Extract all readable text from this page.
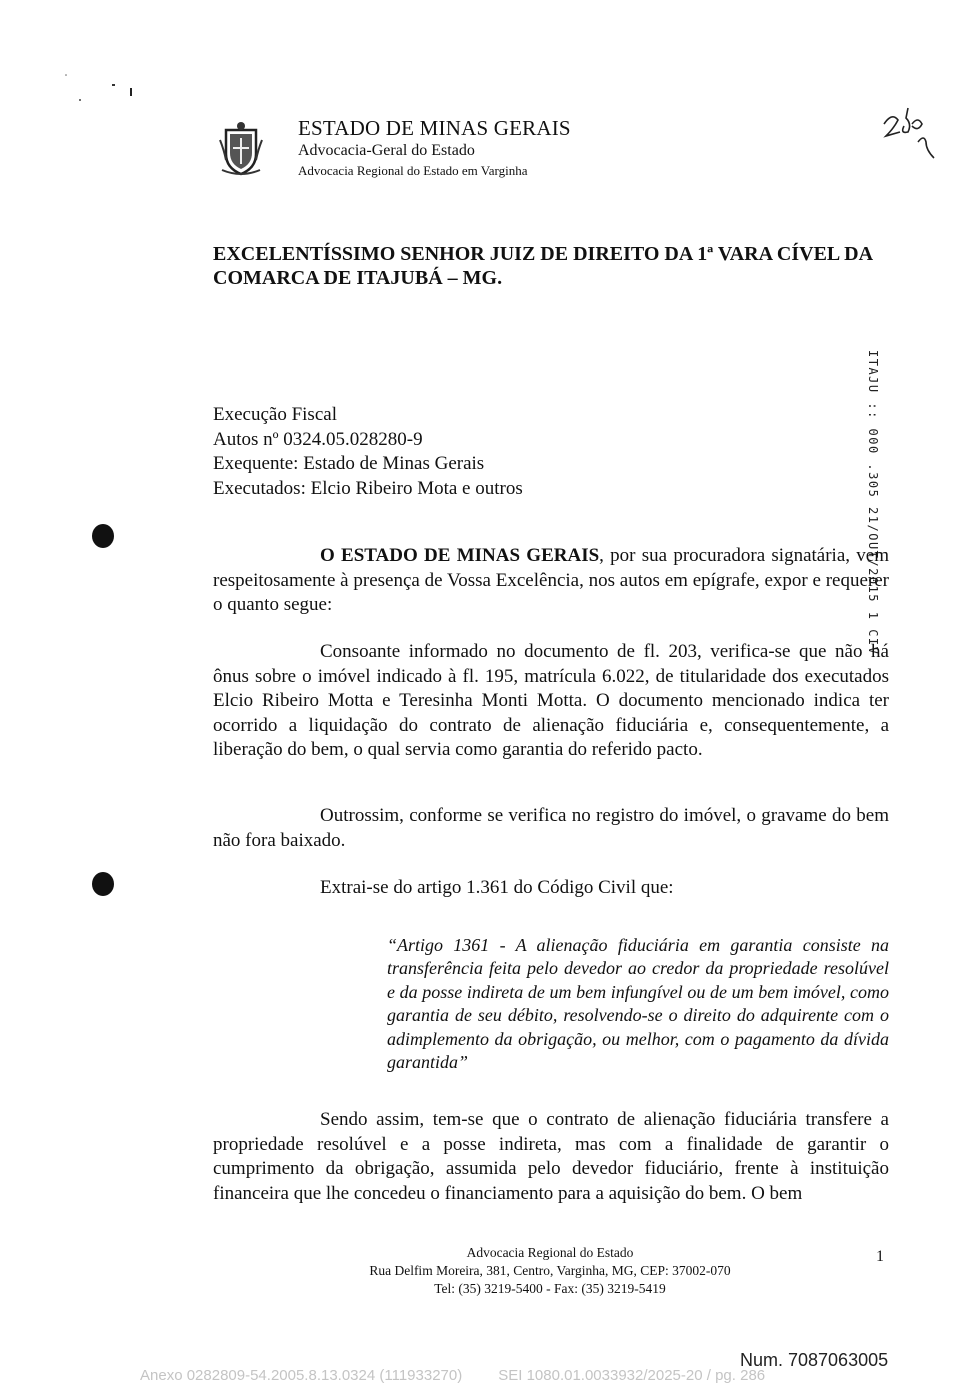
ESTADO DE MINAS GERAIS
Advocacia-Geral do Estado
Advocacia Regional do Estado em Varginha
EXCELENTÍSSIMO SENHOR JUIZ DE DIREITO DA 1ª VARA CÍVEL DA COMARCA DE ITAJUBÁ – MG.
Execução Fiscal
Autos nº 0324.05.028280-9
Exequente: Estado de Minas Gerais
Executados: Elcio Ribeiro Mota e outros	ITAJU :: 000 .305 21/OUT/2015 1 CIV
O ESTADO DE MINAS GERAIS, por sua procuradora signatária, vem respeitosamente à presença de Vossa Excelência, nos autos em epígrafe, expor e requerer o quanto segue:
Consoante informado no documento de fl. 203, verifica-se que não há ônus sobre o imóvel indicado à fl. 195, matrícula 6.022, de titularidade dos executados Elcio Ribeiro Motta e Teresinha Monti Motta. O documento mencionado indica ter ocorrido a liquidação do contrato de alienação fiduciária e, consequentemente, a liberação do bem, o qual servia como garantia do referido pacto.
Outrossim, conforme se verifica no registro do imóvel, o gravame do bem não fora baixado.
Extrai-se do artigo 1.361 do Código Civil que:
“Artigo 1361 - A alienação fiduciária em garantia consiste na transferência feita pelo devedor ao credor da propriedade resolúvel e da posse indireta de um bem infungível ou de um bem imóvel, como garantia de seu débito, resolvendo-se o direito do adquirente com o adimplemento da obrigação, ou melhor, com o pagamento da dívida garantida”
Sendo assim, tem-se que o contrato de alienação fiduciária transfere a propriedade resolúvel e a posse indireta, mas com a finalidade de garantir o cumprimento da obrigação, assumida pelo devedor fiduciário, frente à instituição financeira que lhe concedeu o financiamento para a aquisição do bem. O bem
Advocacia Regional do Estado
Rua Delfim Moreira, 381, Centro, Varginha, MG, CEP: 37002-070
Tel: (35) 3219-5400 - Fax: (35) 3219-5419
1
Num. 7087063005
Anexo 0282809-54.2005.8.13.0324 (111933270) SEI 1080.01.0033932/2025-20 / pg. 286
